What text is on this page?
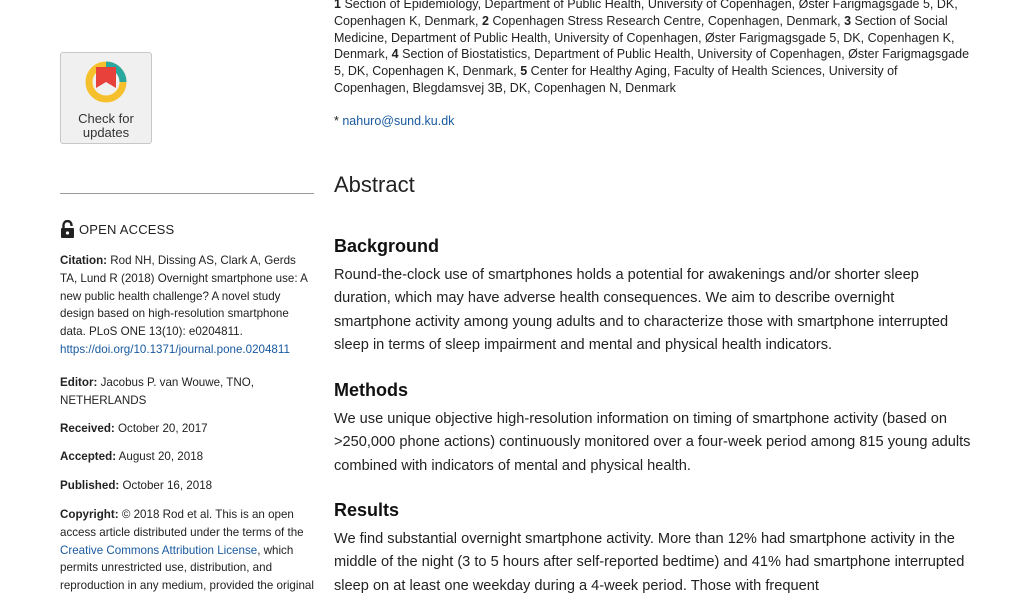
1 Section of Epidemiology, Department of Public Health, University of Copenhagen, Øster Farigmagsgade 5, DK, Copenhagen K, Denmark, 2 Copenhagen Stress Research Centre, Copenhagen, Denmark, 3 Section of Social Medicine, Department of Public Health, University of Copenhagen, Øster Farigmagsgade 5, DK, Copenhagen K, Denmark, 4 Section of Biostatistics, Department of Public Health, University of Copenhagen, Øster Farigmagsgade 5, DK, Copenhagen K, Denmark, 5 Center for Healthy Aging, Faculty of Health Sciences, University of Copenhagen, Blegdamsvej 3B, DK, Copenhagen N, Denmark
* nahuro@sund.ku.dk
Check for
updates
OPEN ACCESS
Citation: Rod NH, Dissing AS, Clark A, Gerds TA, Lund R (2018) Overnight smartphone use: A new public health challenge? A novel study design based on high-resolution smartphone data. PLoS ONE 13(10): e0204811. https://doi.org/10.1371/journal.pone.0204811
Editor: Jacobus P. van Wouwe, TNO, NETHERLANDS
Received: October 20, 2017
Accepted: August 20, 2018
Published: October 16, 2018
Copyright: © 2018 Rod et al. This is an open access article distributed under the terms of the Creative Commons Attribution License, which permits unrestricted use, distribution, and reproduction in any medium, provided the original
Abstract
Background
Round-the-clock use of smartphones holds a potential for awakenings and/or shorter sleep duration, which may have adverse health consequences. We aim to describe overnight smartphone activity among young adults and to characterize those with smartphone interrupted sleep in terms of sleep impairment and mental and physical health indicators.
Methods
We use unique objective high-resolution information on timing of smartphone activity (based on >250,000 phone actions) continuously monitored over a four-week period among 815 young adults combined with indicators of mental and physical health.
Results
We find substantial overnight smartphone activity. More than 12% had smartphone activity in the middle of the night (3 to 5 hours after self-reported bedtime) and 41% had smartphone interrupted sleep on at least one weekday during a 4-week period. Those with frequent
